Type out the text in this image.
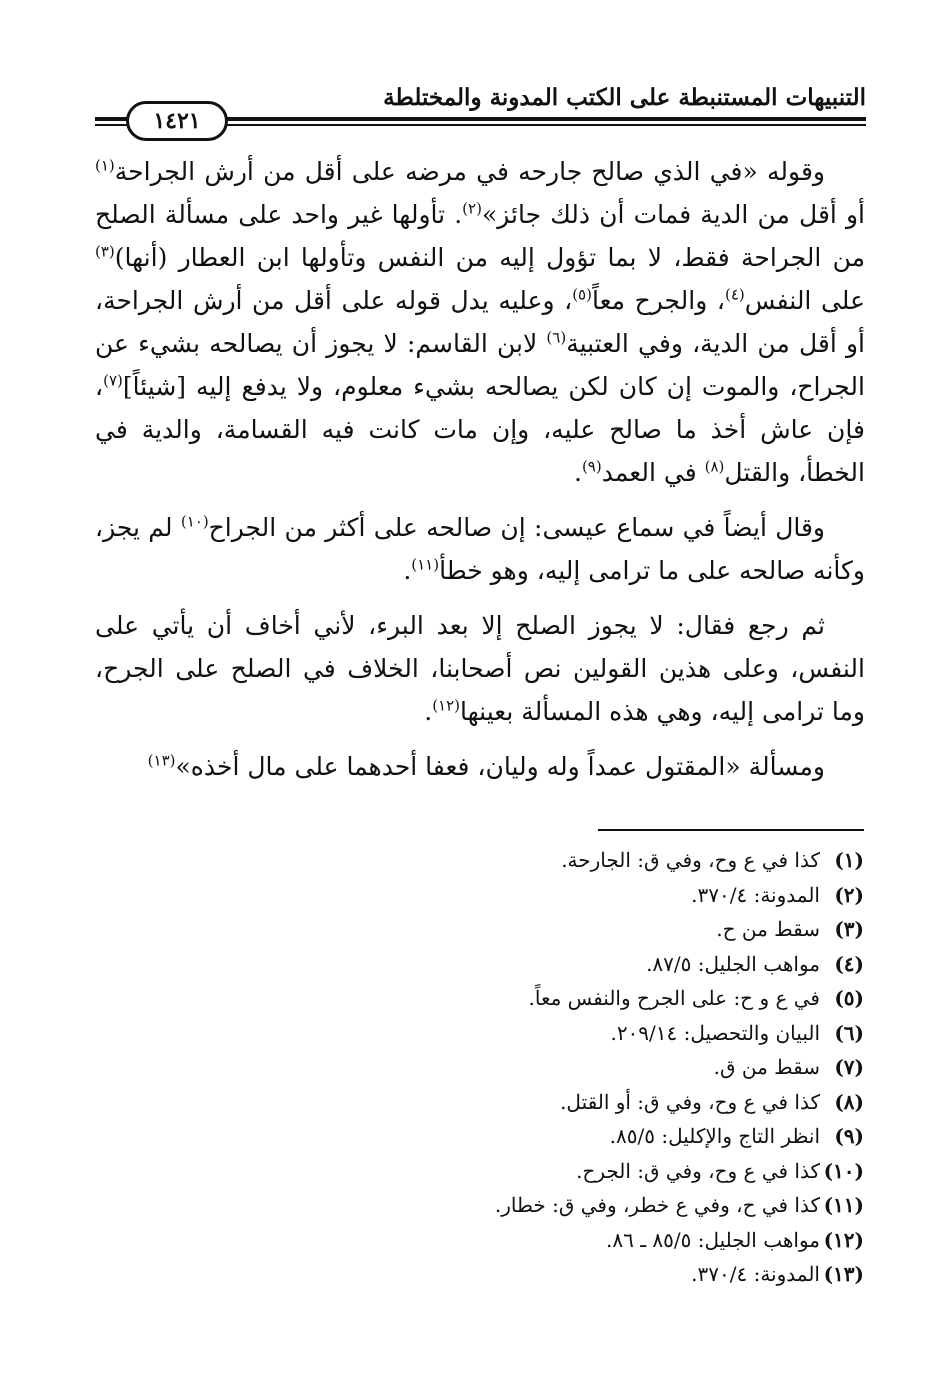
التنبيهات المستنبطة على الكتب المدونة والمختلطة
١٤٢١

وقوله «في الذي صالح جارحه في مرضه على أقل من أرش الجراحة$^{(١)}$ أو أقل من الدية فمات أن ذلك جائز»$^{(٢)}$. تأولها غير واحد على مسألة الصلح من الجراحة فقط، لا بما تؤول إليه من النفس وتأولها ابن العطار (أنها)$^{(٣)}$ على النفس$^{(٤)}$، والجرح معاً$^{(٥)}$، وعليه يدل قوله على أقل من أرش الجراحة، أو أقل من الدية، وفي العتبية$^{(٦)}$ لابن القاسم: لا يجوز أن يصالحه بشيء عن الجراح، والموت إن كان لكن يصالحه بشيء معلوم، ولا يدفع إليه [شيئاً]$^{(٧)}$، فإن عاش أخذ ما صالح عليه، وإن مات كانت فيه القسامة، والدية في الخطأ، والقتل$^{(٨)}$ في العمد$^{(٩)}$.

وقال أيضاً في سماع عيسى: إن صالحه على أكثر من الجراح$^{(١٠)}$ لم يجز، وكأنه صالحه على ما ترامى إليه، وهو خطأ$^{(١١)}$.

ثم رجع فقال: لا يجوز الصلح إلا بعد البرء، لأني أخاف أن يأتي على النفس، وعلى هذين القولين نص أصحابنا، الخلاف في الصلح على الجرح، وما ترامى إليه، وهي هذه المسألة بعينها$^{(١٢)}$.

ومسألة «المقتول عمداً وله وليان، فعفا أحدهما على مال أخذه»$^{(١٣)}$

(١)كذا في ع وح، وفي ق: الجارحة.
(٢)المدونة: ٣٧٠/٤.
(٣)سقط من ح.
(٤)مواهب الجليل: ٨٧/٥.
(٥)في ع و ح: على الجرح والنفس معاً.
(٦)البيان والتحصيل: ٢٠٩/١٤.
(٧)سقط من ق.
(٨)كذا في ع وح، وفي ق: أو القتل.
(٩)انظر التاج والإكليل: ٨٥/٥.
(١٠)كذا في ع وح، وفي ق: الجرح.
(١١)كذا في ح، وفي ع خطر، وفي ق: خطار.
(١٢)مواهب الجليل: ٨٥/٥ ـ ٨٦.
(١٣)المدونة: ٣٧٠/٤.
